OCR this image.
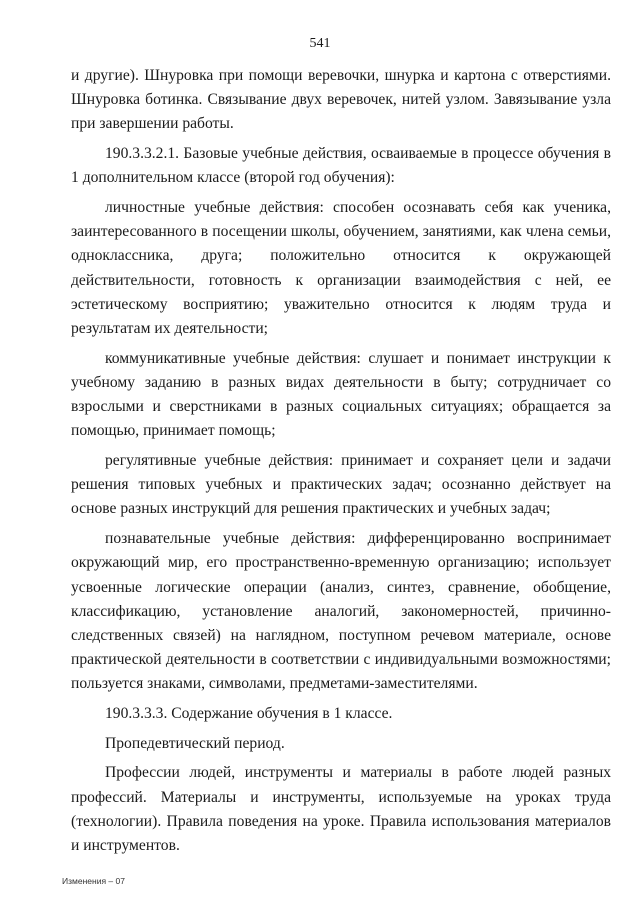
541

и другие). Шнуровка при помощи веревочки, шнурка и картона с отверстиями. Шнуровка ботинка. Связывание двух веревочек, нитей узлом. Завязывание узла при завершении работы.

190.3.3.2.1. Базовые учебные действия, осваиваемые в процессе обучения в 1 дополнительном классе (второй год обучения):

личностные учебные действия: способен осознавать себя как ученика, заинтересованного в посещении школы, обучением, занятиями, как члена семьи, одноклассника, друга; положительно относится к окружающей действительности, готовность к организации взаимодействия с ней, ее эстетическому восприятию; уважительно относится к людям труда и результатам их деятельности;

коммуникативные учебные действия: слушает и понимает инструкции к учебному заданию в разных видах деятельности в быту; сотрудничает со взрослыми и сверстниками в разных социальных ситуациях; обращается за помощью, принимает помощь;

регулятивные учебные действия: принимает и сохраняет цели и задачи решения типовых учебных и практических задач; осознанно действует на основе разных инструкций для решения практических и учебных задач;

познавательные учебные действия: дифференцированно воспринимает окружающий мир, его пространственно-временную организацию; использует усвоенные логические операции (анализ, синтез, сравнение, обобщение, классификацию, установление аналогий, закономерностей, причинно-следственных связей) на наглядном, поступном речевом материале, основе практической деятельности в соответствии с индивидуальными возможностями; пользуется знаками, символами, предметами-заместителями.

190.3.3.3. Содержание обучения в 1 классе.

Пропедевтический период.

Профессии людей, инструменты и материалы в работе людей разных профессий. Материалы и инструменты, используемые на уроках труда (технологии). Правила поведения на уроке. Правила использования материалов и инструментов.

Изменения – 07
